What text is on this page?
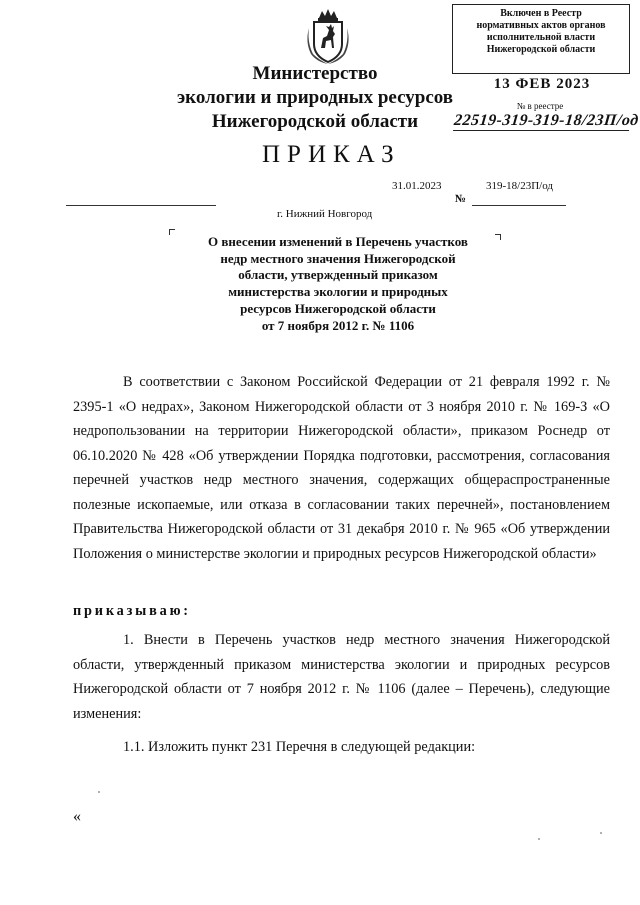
Министерство
экологии и природных ресурсов
Нижегородской области
Включен в Реестр
нормативных актов органов
исполнительной власти
Нижегородской области
13 ФЕВ 2023
№ в реестре
22519-319-319-18/23П/од
ПРИКАЗ
31.01.2023	319-18/23П/од
№
г. Нижний Новгород
О внесении изменений в Перечень участков
недр местного значения Нижегородской
области, утвержденный приказом
министерства экологии и природных
ресурсов Нижегородской области
от 7 ноября 2012 г. № 1106

В соответствии с Законом Российской Федерации от 21 февраля 1992 г. № 2395-1 «О недрах», Законом Нижегородской области от 3 ноября 2010 г. № 169-З «О недропользовании на территории Нижегородской области», приказом Роснедр от 06.10.2020 № 428 «Об утверждении Порядка подготовки, рассмотрения, согласования перечней участков недр местного значения, содержащих общераспространенные полезные ископаемые, или отказа в согласовании таких перечней», постановлением Правительства Нижегородской области от 31 декабря 2010 г. № 965 «Об утверждении Положения о министерстве экологии и природных ресурсов Нижегородской области»

приказываю:

1. Внести в Перечень участков недр местного значения Нижегородской области, утвержденный приказом министерства экологии и природных ресурсов Нижегородской области от 7 ноября 2012 г. № 1106 (далее – Перечень), следующие изменения:

1.1. Изложить пункт 231 Перечня в следующей редакции:

«
